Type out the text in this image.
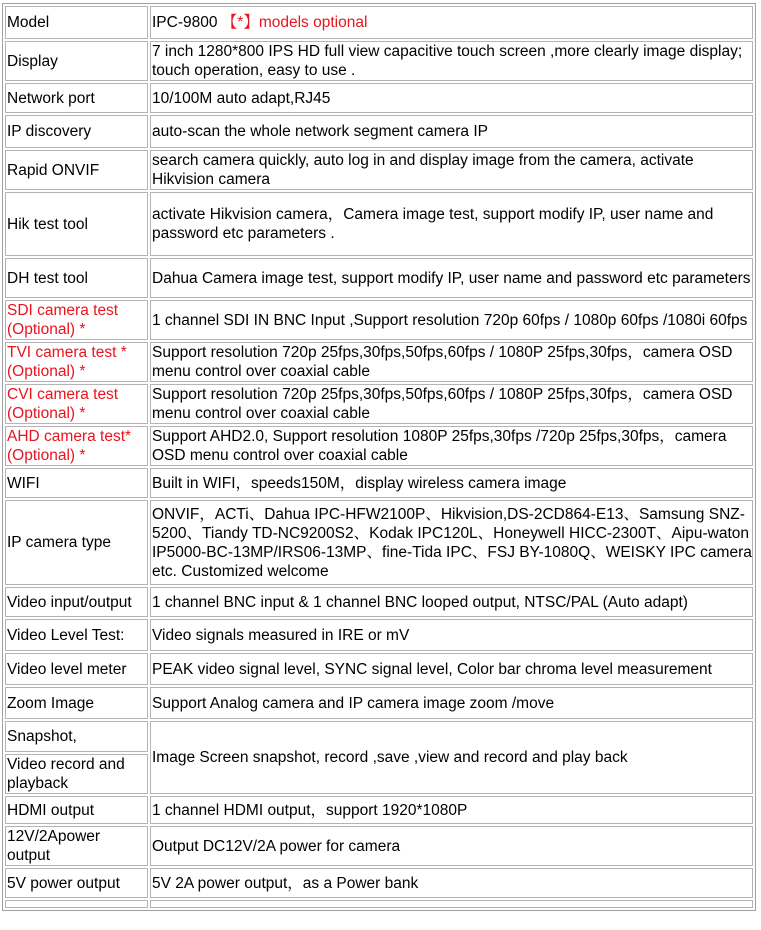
Model	IPC-9800 【*】models optional
Display	7 inch 1280*800 IPS HD full view capacitive touch screen ,more clearly image display; touch operation, easy to use .
Network port	10/100M auto adapt,RJ45
IP discovery	auto-scan the whole network segment camera IP
Rapid ONVIF	search camera quickly, auto log in and display image from the camera, activate Hikvision camera
Hik test tool	activate Hikvision camera，Camera image test, support modify IP, user name and password etc parameters .
DH test tool	Dahua Camera image test, support modify IP, user name and password etc parameters
SDI camera test (Optional) *	1 channel SDI IN BNC Input ,Support resolution 720p 60fps / 1080p 60fps /1080i 60fps
TVI camera test *(Optional) *	Support resolution 720p 25fps,30fps,50fps,60fps / 1080P 25fps,30fps，camera OSD menu control over coaxial cable
CVI camera test (Optional) *	Support resolution 720p 25fps,30fps,50fps,60fps / 1080P 25fps,30fps，camera OSD menu control over coaxial cable
AHD camera test* (Optional) *	Support AHD2.0, Support resolution 1080P 25fps,30fps /720p 25fps,30fps，camera OSD menu control over coaxial cable
WIFI	Built in WIFI，speeds150M，display wireless camera image
IP camera type	ONVIF，ACTi、Dahua IPC-HFW2100P、Hikvision,DS-2CD864-E13、Samsung SNZ-5200、Tiandy TD-NC9200S2、Kodak IPC120L、Honeywell HICC-2300T、Aipu-waton IP5000-BC-13MP/IRS06-13MP、fine-Tida IPC、FSJ BY-1080Q、WEISKY IPC camera etc. Customized welcome
Video input/output	1 channel BNC input & 1 channel BNC looped output, NTSC/PAL (Auto adapt)
Video Level Test:	Video signals measured in IRE or mV
Video level meter	PEAK video signal level, SYNC signal level, Color bar chroma level measurement
Zoom Image	Support Analog camera and IP camera image zoom /move
Snapshot,	Image Screen snapshot, record ,save ,view and record and play back
Video record and playback	
HDMI output	1 channel HDMI output，support 1920*1080P
12V/2Apower output	Output DC12V/2A power for camera
5V power output	5V 2A power output，as a Power bank
